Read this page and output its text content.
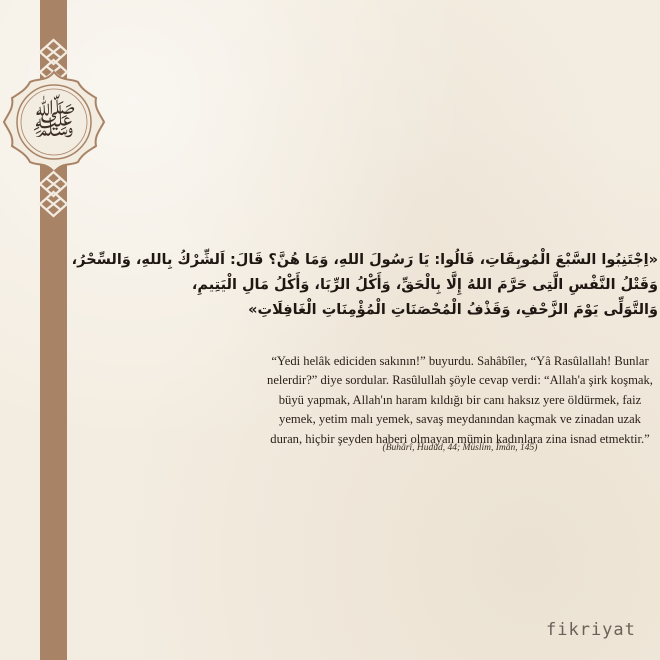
ﷺ

«اِجْتَنِبُوا السَّبْعَ الْمُوبِقَاتِ، قَالُوا: يَا رَسُولَ اللهِ، وَمَا هُنَّ؟ قَالَ: اَلشِّرْكُ بِاللهِ، وَالسِّحْرُ،
وَقَتْلُ النَّفْسِ الَّتِى حَرَّمَ اللهُ إِلَّا بِالْحَقِّ، وَأَكْلُ الرِّبَا، وَأَكْلُ مَالِ الْيَتِيمِ،
وَالتَّوَلِّى يَوْمَ الزَّحْفِ، وَقَذْفُ الْمُحْصَنَاتِ الْمُؤْمِنَاتِ الْغَافِلَاتِ»

“Yedi helâk ediciden sakının!” buyurdu. Sahâbîler, “Yâ Rasûlallah! Bunlar nelerdir?” diye sordular. Rasûlullah şöyle cevap verdi: “Allah'a şirk koşmak, büyü yapmak, Allah'ın haram kıldığı bir canı haksız yere öldürmek, faiz yemek, yetim malı yemek, savaş meydanından kaçmak ve zinadan uzak duran, hiçbir şeyden haberi olmayan mümin kadınlara zina isnad etmektir.”

(Buhârî, Hudûd, 44; Müslim, Îmân, 145)
fikriyat
